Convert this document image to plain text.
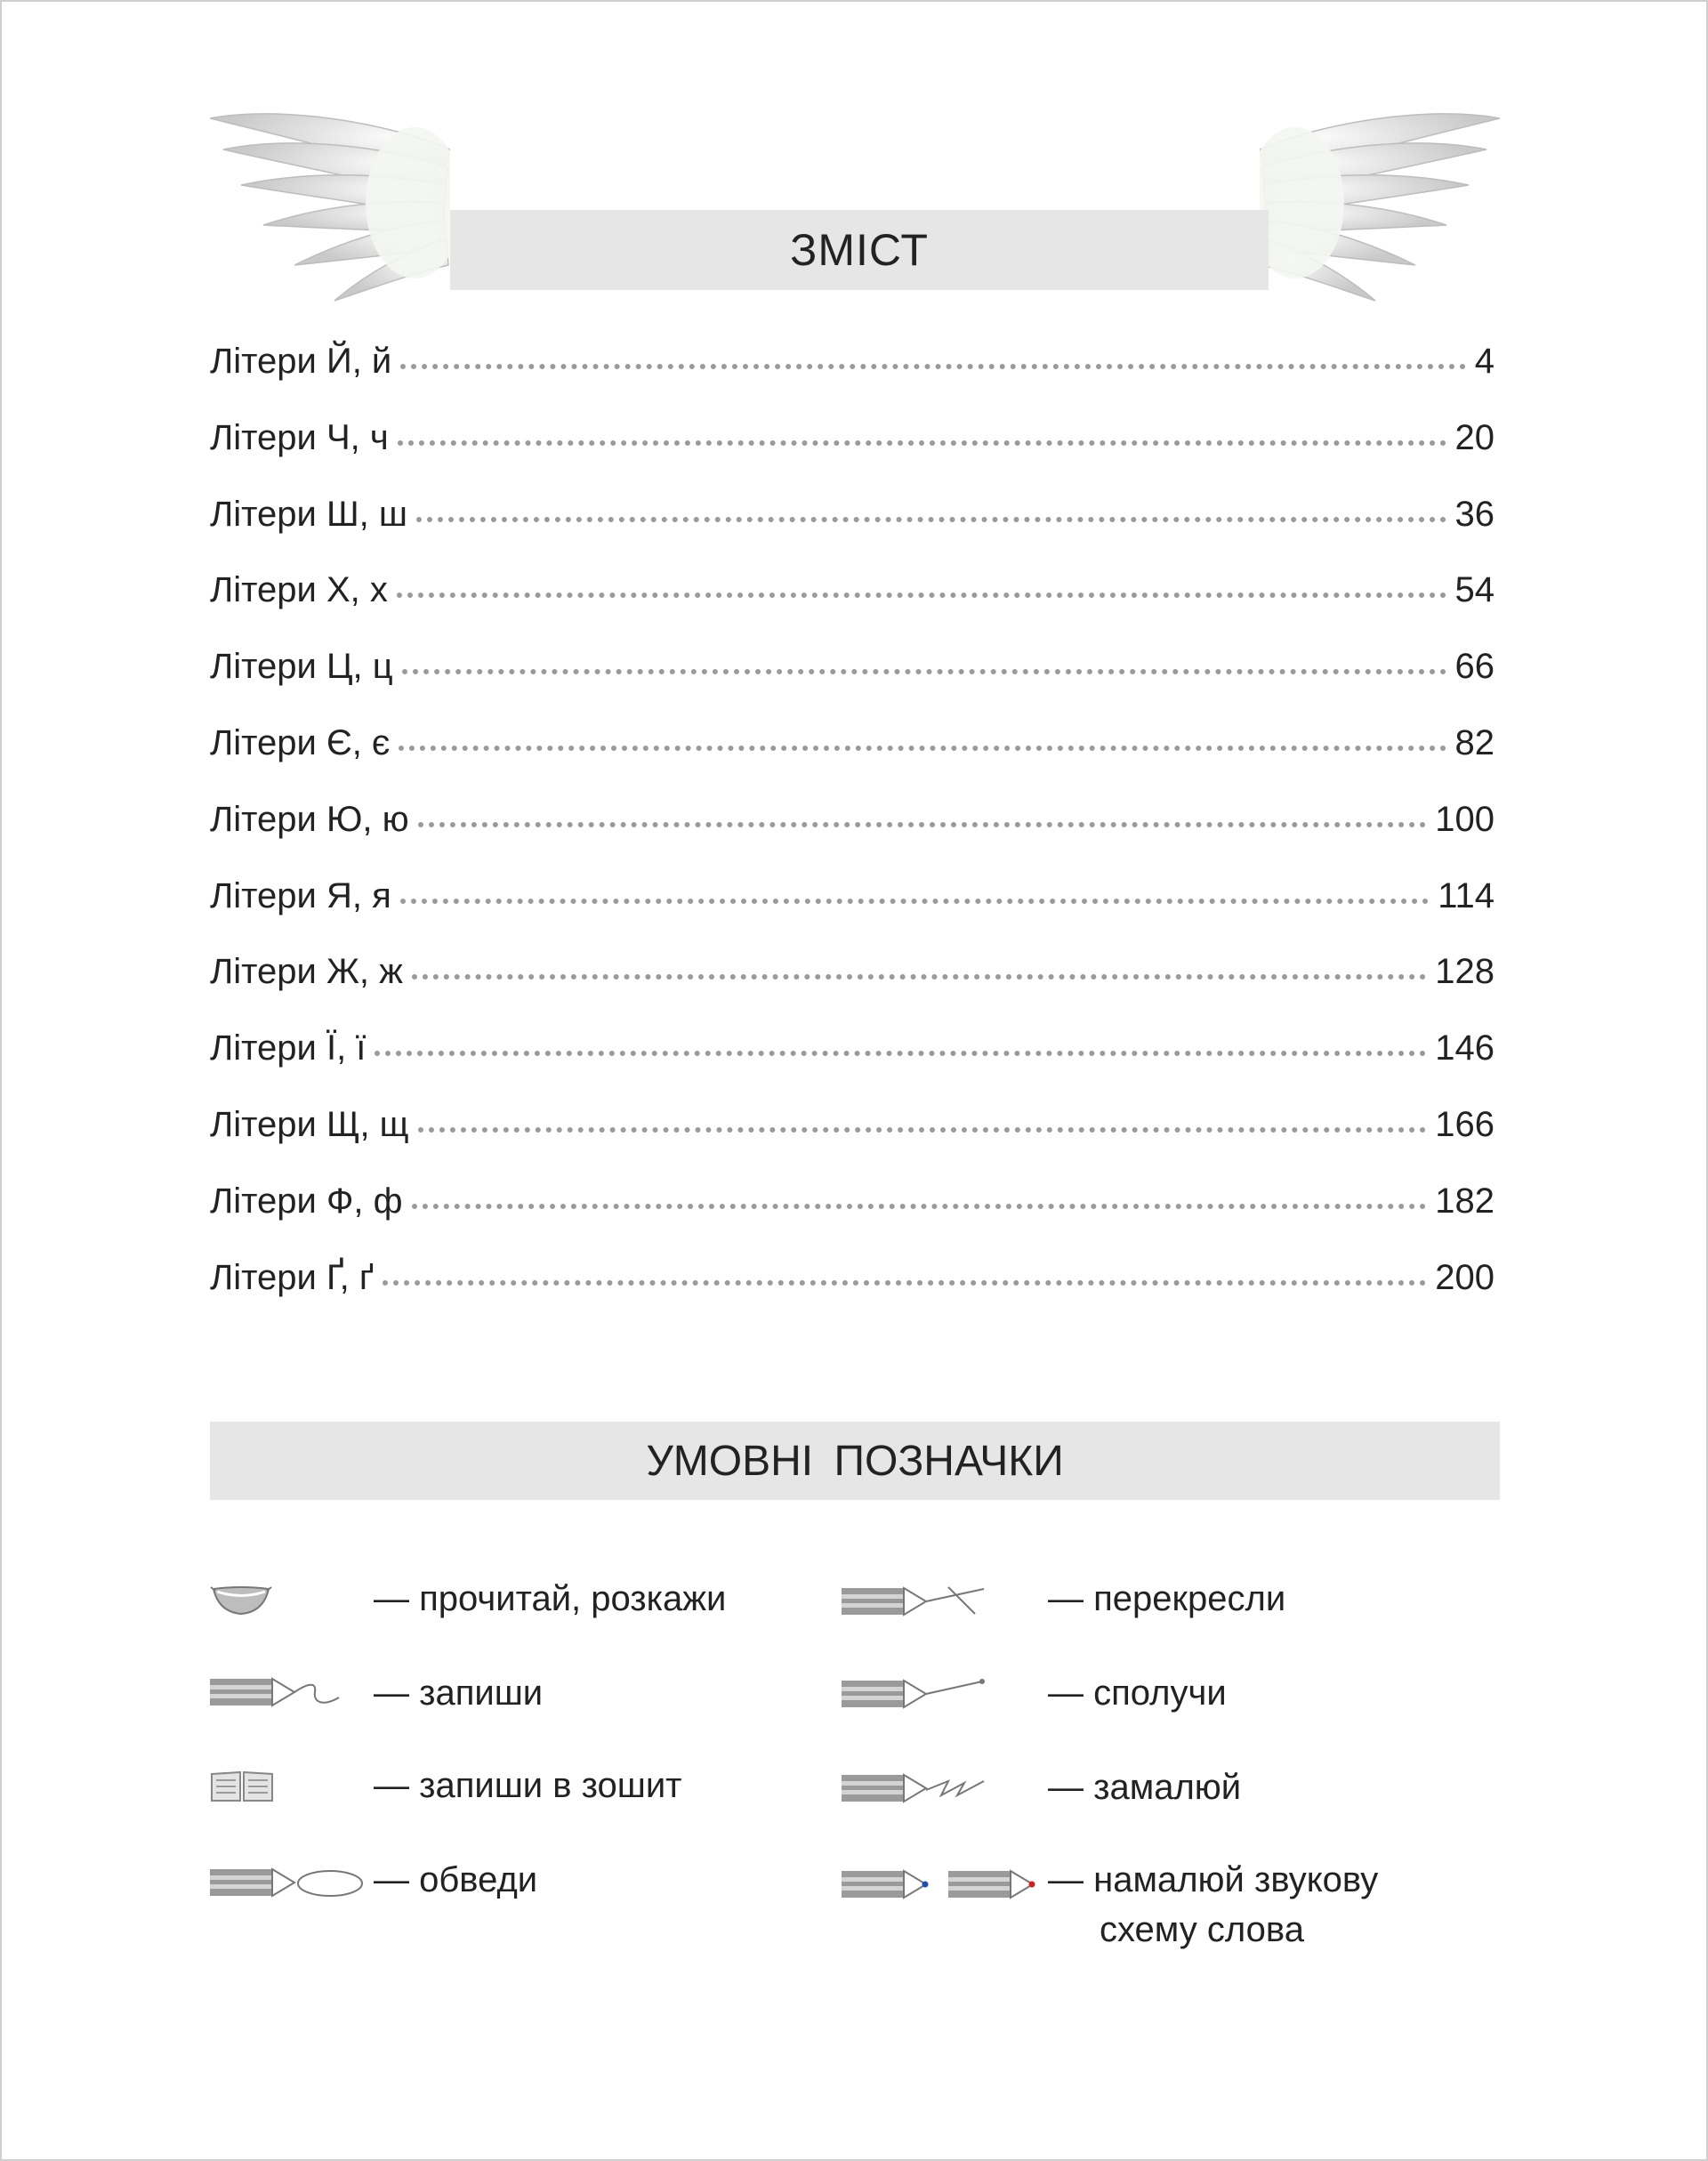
ЗМІСТ
Літери Й, й	4
Літери Ч, ч	20
Літери Ш, ш	36
Літери Х, х	54
Літери Ц, ц	66
Літери Є, є	82
Літери Ю, ю	100
Літери Я, я	114
Літери Ж, ж	128
Літери Ї, ї	146
Літери Щ, щ	166
Літери Ф, ф	182
Літери Ґ, ґ	200
УМОВНІ ПОЗНАЧКИ
— прочитай, розкажи
— запиши
— запиши в зошит
— обведи
— перекресли
— сполучи
— замалюй
— намалюй звукову
схему слова
